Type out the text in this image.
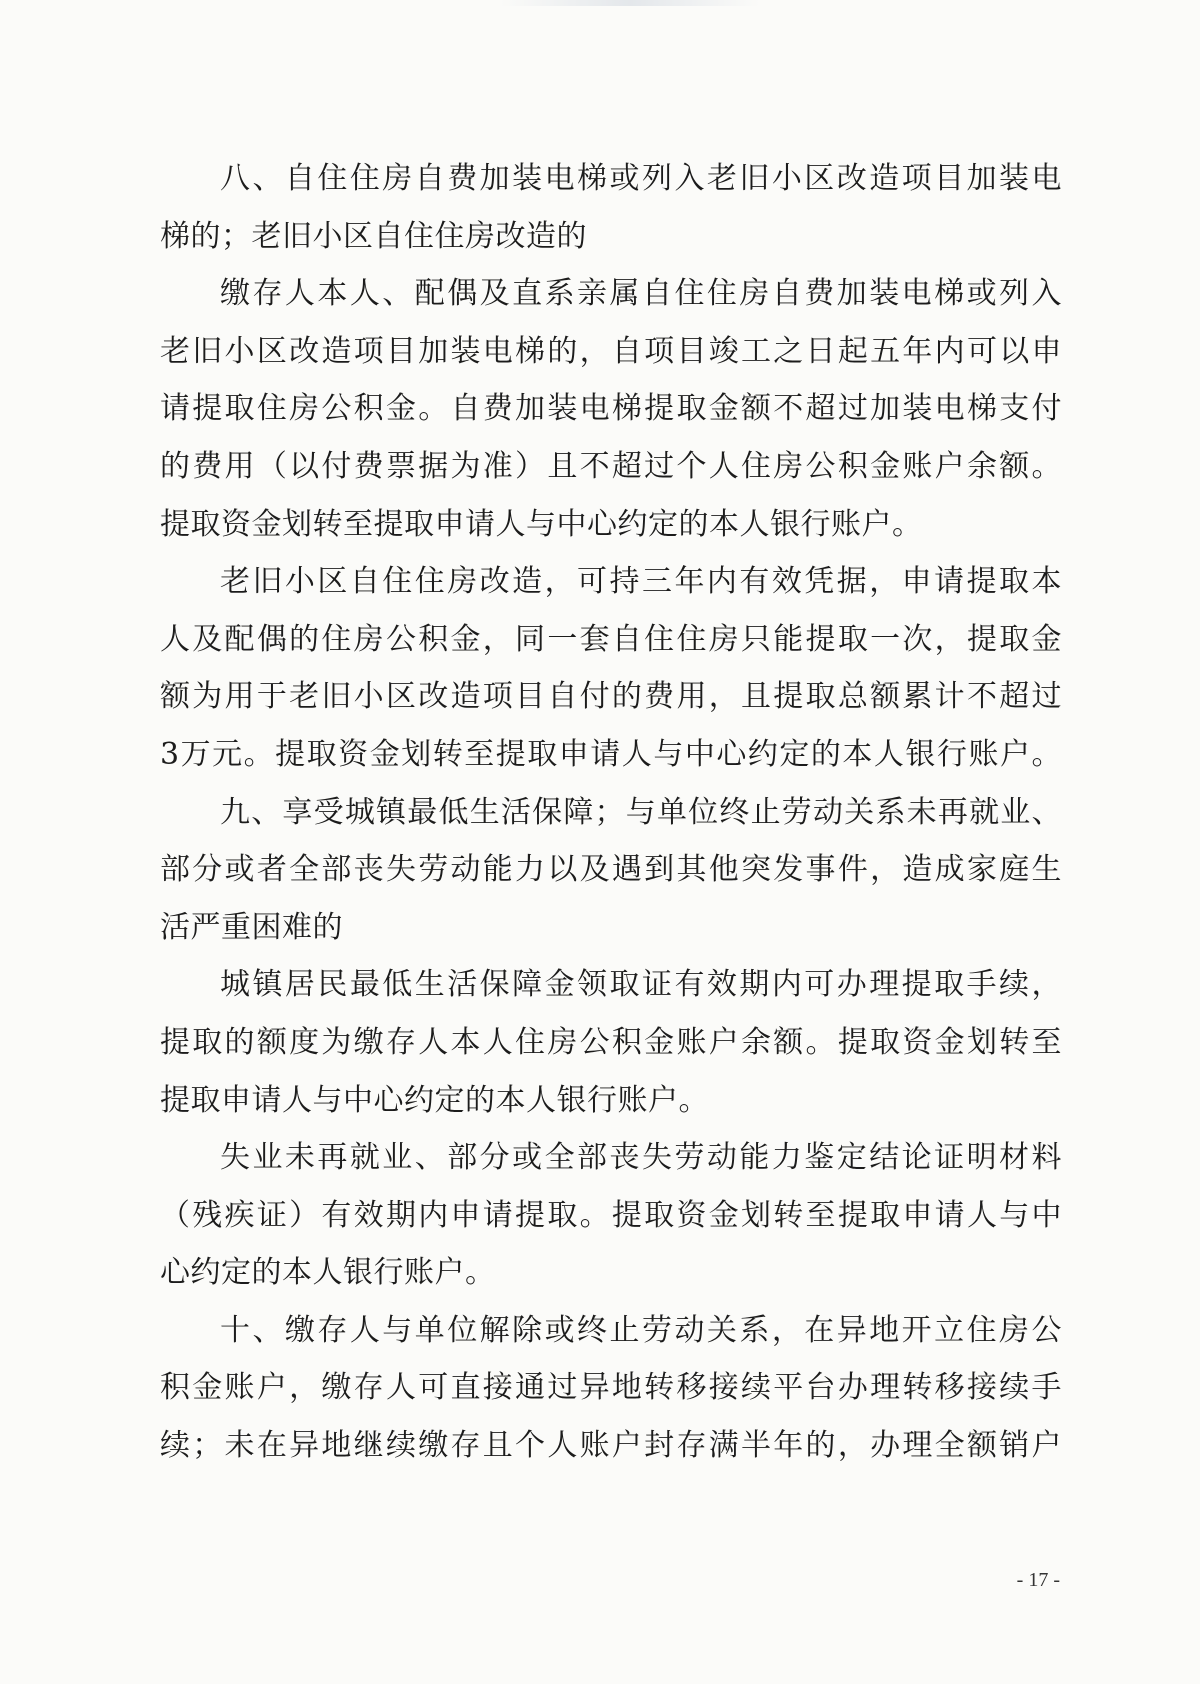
八、自住住房自费加装电梯或列入老旧小区改造项目加装电
梯的；老旧小区自住住房改造的
缴存人本人、配偶及直系亲属自住住房自费加装电梯或列入
老旧小区改造项目加装电梯的，自项目竣工之日起五年内可以申
请提取住房公积金。自费加装电梯提取金额不超过加装电梯支付
的费用（以付费票据为准）且不超过个人住房公积金账户余额。
提取资金划转至提取申请人与中心约定的本人银行账户。
老旧小区自住住房改造，可持三年内有效凭据，申请提取本
人及配偶的住房公积金，同一套自住住房只能提取一次，提取金
额为用于老旧小区改造项目自付的费用，且提取总额累计不超过
3万元。提取资金划转至提取申请人与中心约定的本人银行账户。
九、享受城镇最低生活保障；与单位终止劳动关系未再就业、
部分或者全部丧失劳动能力以及遇到其他突发事件，造成家庭生
活严重困难的
城镇居民最低生活保障金领取证有效期内可办理提取手续，
提取的额度为缴存人本人住房公积金账户余额。提取资金划转至
提取申请人与中心约定的本人银行账户。
失业未再就业、部分或全部丧失劳动能力鉴定结论证明材料
（残疾证）有效期内申请提取。提取资金划转至提取申请人与中
心约定的本人银行账户。
十、缴存人与单位解除或终止劳动关系，在异地开立住房公
积金账户，缴存人可直接通过异地转移接续平台办理转移接续手
续；未在异地继续缴存且个人账户封存满半年的，办理全额销户
- 17 -
